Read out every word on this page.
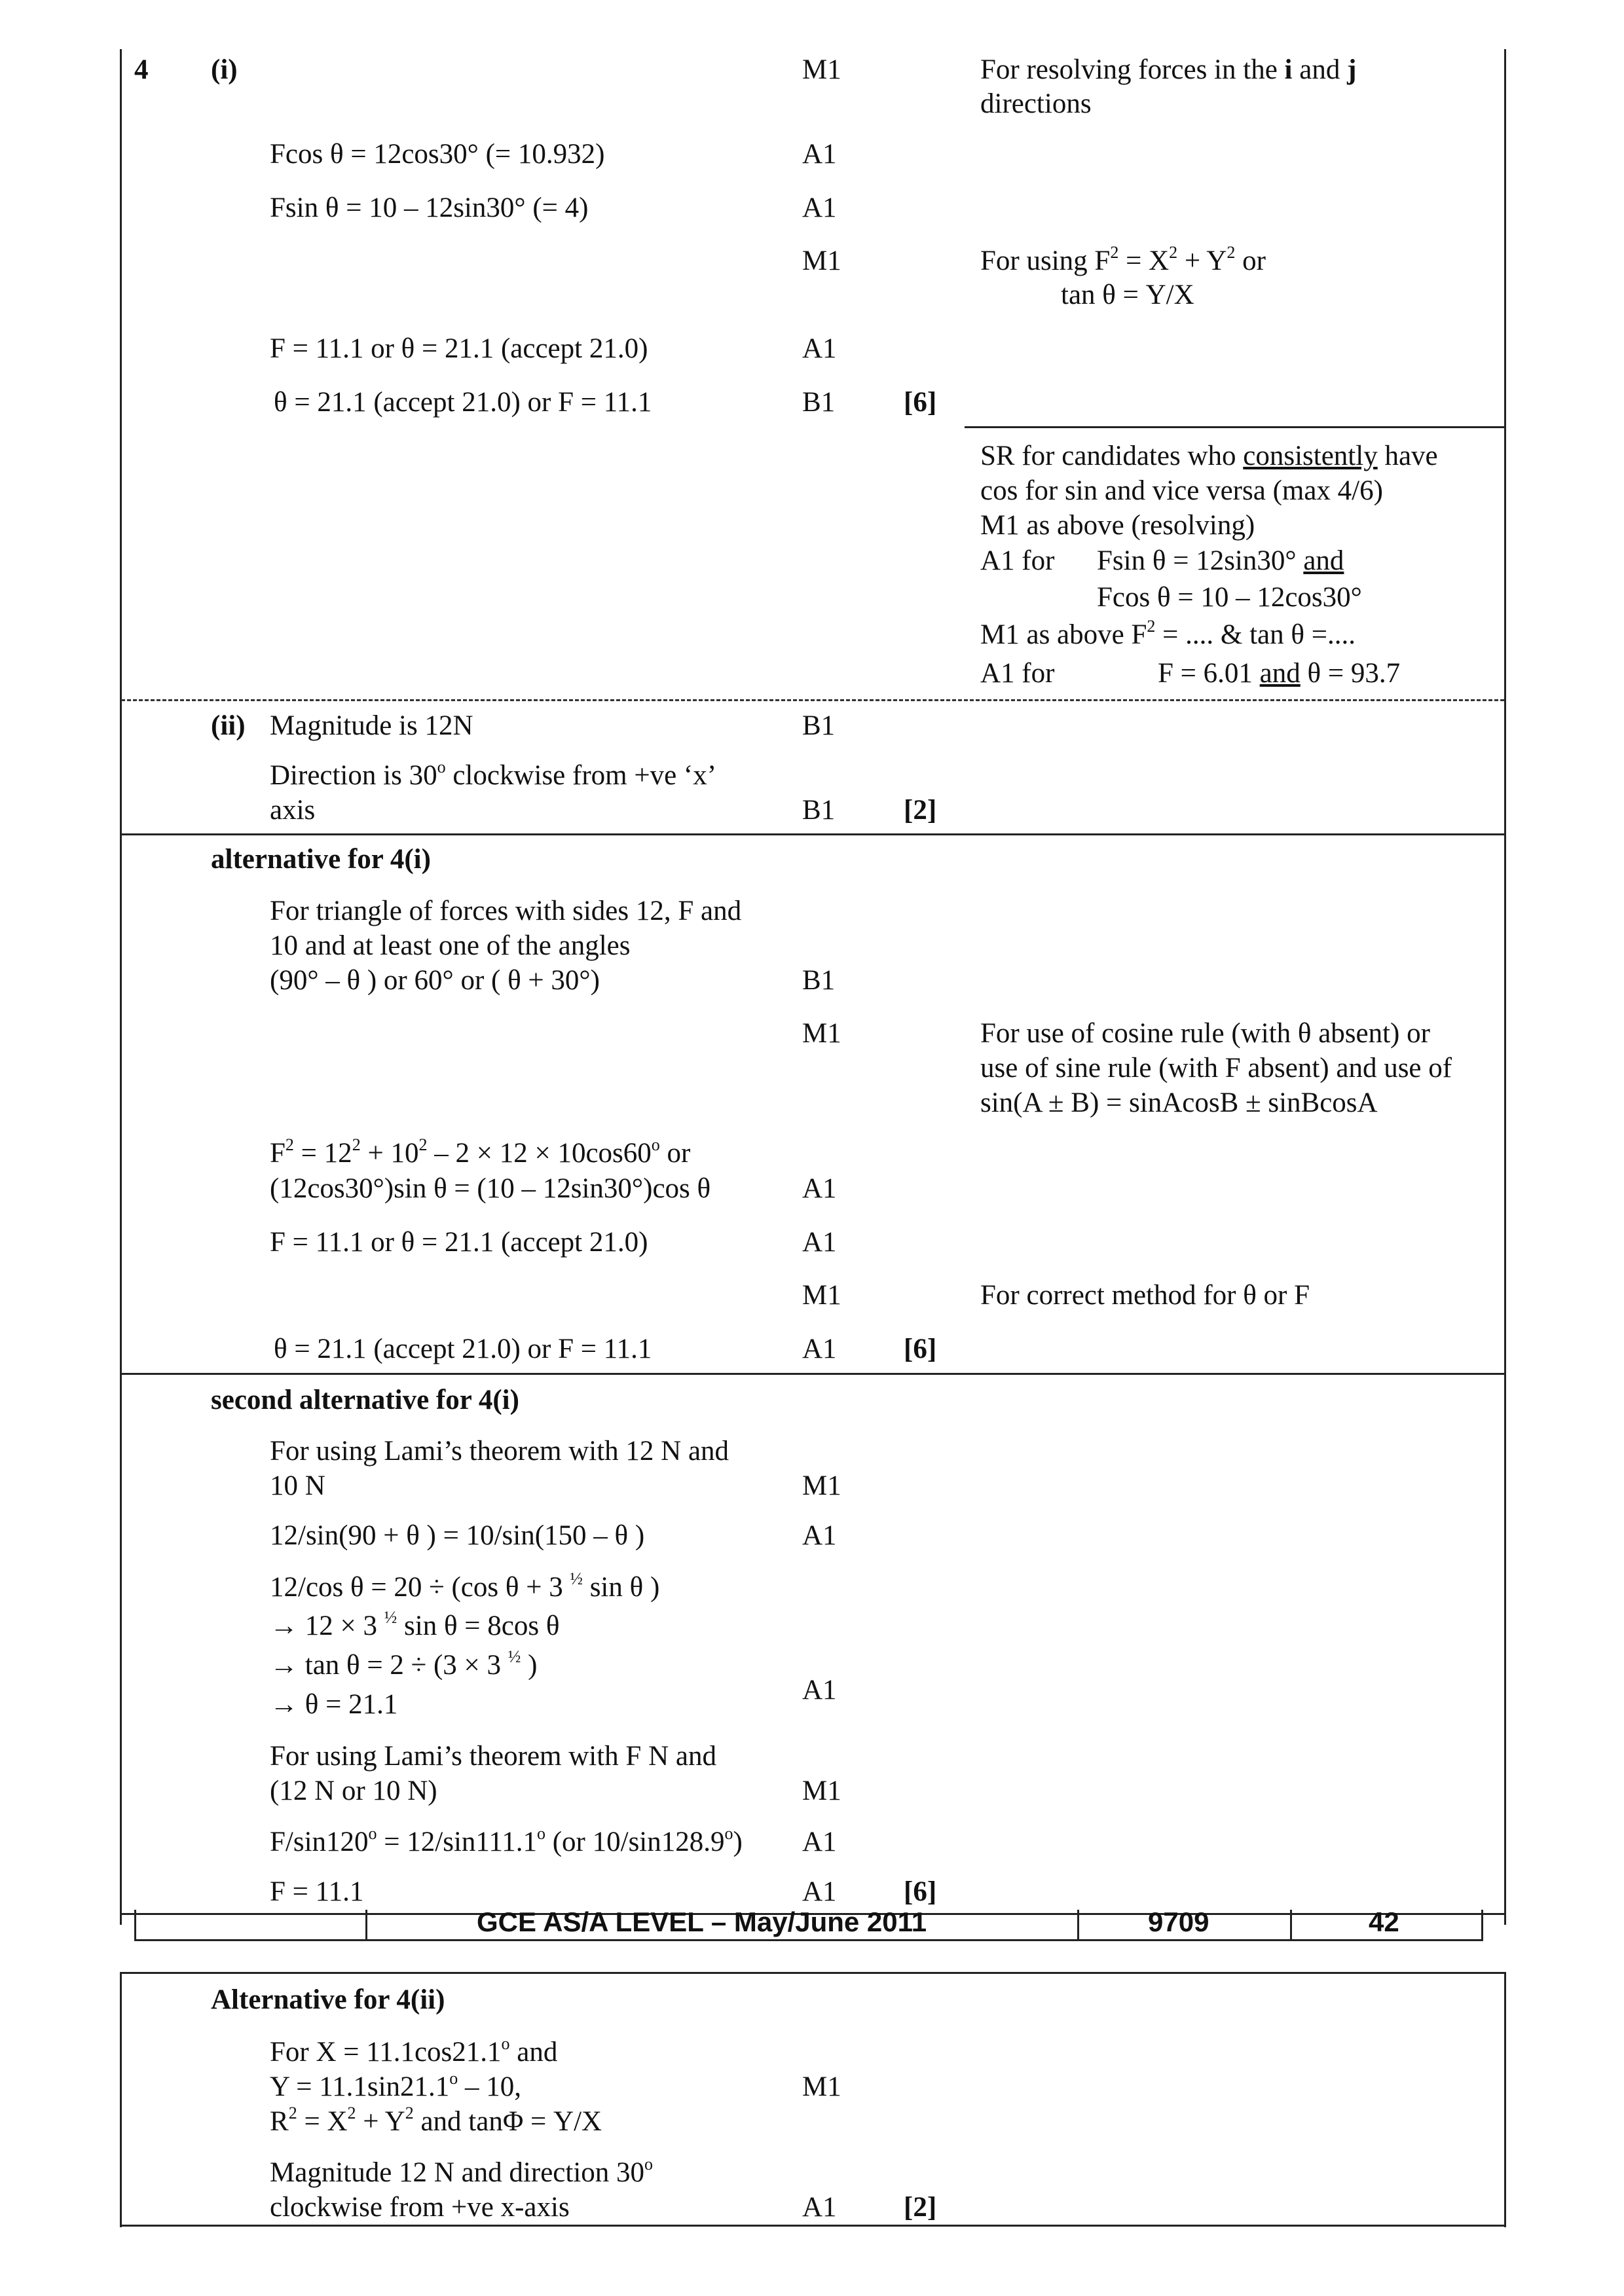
GCE AS/A LEVEL – May/June 2011	9709	42
4 (i)	M1	For resolving forces in the i and j
directions
Fcos θ = 12cos30° (= 10.932)	A1
Fsin θ = 10 – 12sin30° (= 4)	A1
M1	For using $F^2 = X^2 + Y^2$ or
tan θ = Y/X
F = 11.1 or θ = 21.1 (accept 21.0)	A1
θ = 21.1 (accept 21.0) or F = 11.1	B1 [6]
SR for candidates who consistently have
cos for sin and vice versa (max 4/6)
M1 as above (resolving)
A1 for Fsin θ = 12sin30° and
Fcos θ = 10 – 12cos30°
M1 as above $F^2$ = .... & tan θ =....
A1 for	F = 6.01 and θ = 93.7
(ii) Magnitude is 12N	B1
Direction is 30$^o$ clockwise from +ve ‘x’
axis	B1 [2]
alternative for 4(i)
For triangle of forces with sides 12, F and
10 and at least one of the angles
(90° – θ ) or 60° or ( θ + 30°)	B1
M1	For use of cosine rule (with θ absent) or
use of sine rule (with F absent) and use of
sin(A ± B) = sinAcosB ± sinBcosA
$F^2 = 12^2 + 10^2 - 2 \times 12 \times 10\cos 60^o$ or
(12cos30°)sin θ = (10 – 12sin30°)cos θ	A1
F = 11.1 or θ = 21.1 (accept 21.0)	A1
M1	For correct method for θ or F
θ = 21.1 (accept 21.0) or F = 11.1	A1 [6]
second alternative for 4(i)
For using Lami’s theorem with 12 N and
10 N	M1
12/sin(90 + θ ) = 10/sin(150 – θ )	A1
12/cos θ = 20 ÷ (cos θ + 3 $^{\frac{1}{2}}$ sin θ )
→ 12 × 3 $^{\frac{1}{2}}$ sin θ = 8cos θ
→ tan θ = 2 ÷ (3 × 3 $^{\frac{1}{2}}$ )
→ θ = 21.1	A1
For using Lami’s theorem with F N and
(12 N or 10 N)	M1
$F/\sin 120^o = 12/\sin 111.1^o$ (or 10/sin128.9$^o$) A1
F = 11.1	A1 [6]
Alternative for 4(ii)
For $X = 11.1\cos 21.1^o$ and
$Y = 11.1\sin 21.1^o - 10$,	M1
$R^2 = X^2 + Y^2$ and tanΦ = Y/X
Magnitude 12 N and direction 30$^o$
clockwise from +ve x-axis	A1 [2]
